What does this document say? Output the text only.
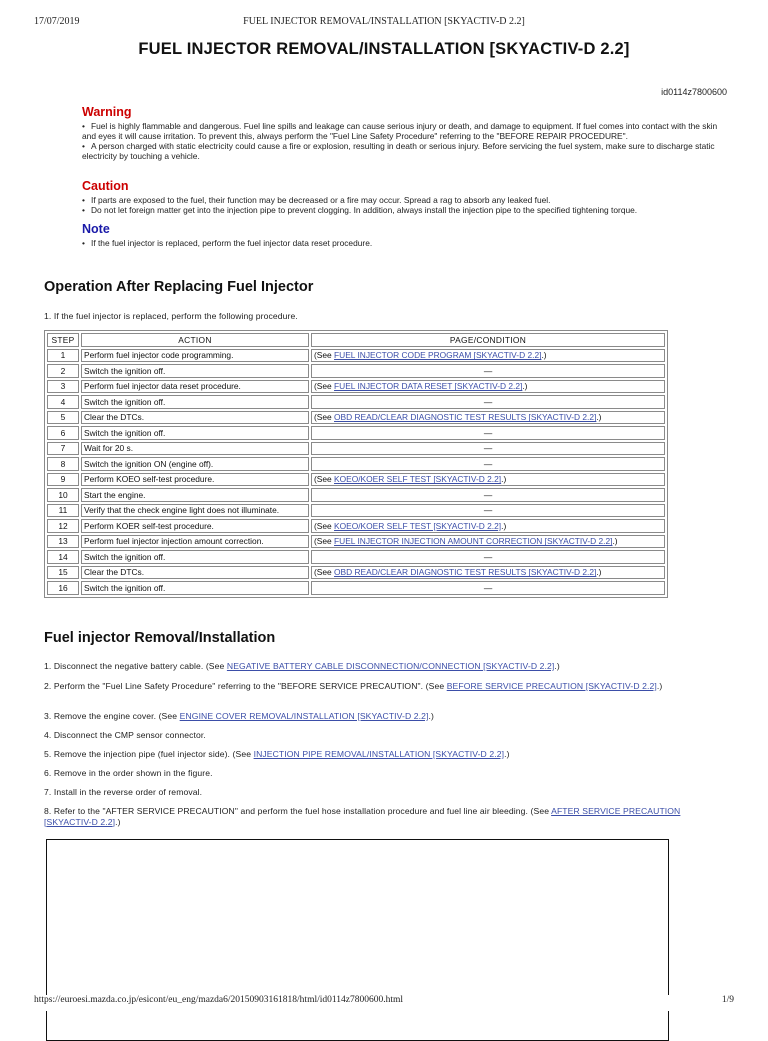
17/07/2019	FUEL INJECTOR REMOVAL/INSTALLATION [SKYACTIV-D 2.2]
FUEL INJECTOR REMOVAL/INSTALLATION [SKYACTIV-D 2.2]
id0114z7800600
Warning
• Fuel is highly flammable and dangerous. Fuel line spills and leakage can cause serious injury or death, and damage to equipment. If fuel comes into contact with the skin and eyes it will cause irritation. To prevent this, always perform the "Fuel Line Safety Procedure" referring to the "BEFORE REPAIR PROCEDURE".
• A person charged with static electricity could cause a fire or explosion, resulting in death or serious injury. Before servicing the fuel system, make sure to discharge static electricity by touching a vehicle.
Caution
• If parts are exposed to the fuel, their function may be decreased or a fire may occur. Spread a rag to absorb any leaked fuel.
• Do not let foreign matter get into the injection pipe to prevent clogging. In addition, always install the injection pipe to the specified tightening torque.
Note
• If the fuel injector is replaced, perform the fuel injector data reset procedure.
Operation After Replacing Fuel Injector
1. If the fuel injector is replaced, perform the following procedure.
STEP	ACTION	PAGE/CONDITION
1	Perform fuel injector code programming.	(See FUEL INJECTOR CODE PROGRAM [SKYACTIV-D 2.2].)
2	Switch the ignition off.	—
3	Perform fuel injector data reset procedure.	(See FUEL INJECTOR DATA RESET [SKYACTIV-D 2.2].)
4	Switch the ignition off.	—
5	Clear the DTCs.	(See OBD READ/CLEAR DIAGNOSTIC TEST RESULTS [SKYACTIV-D 2.2].)
6	Switch the ignition off.	—
7	Wait for 20 s.	—
8	Switch the ignition ON (engine off).	—
9	Perform KOEO self-test procedure.	(See KOEO/KOER SELF TEST [SKYACTIV-D 2.2].)
10	Start the engine.	—
11	Verify that the check engine light does not illuminate.	—
12	Perform KOER self-test procedure.	(See KOEO/KOER SELF TEST [SKYACTIV-D 2.2].)
13	Perform fuel injector injection amount correction.	(See FUEL INJECTOR INJECTION AMOUNT CORRECTION [SKYACTIV-D 2.2].)
14	Switch the ignition off.	—
15	Clear the DTCs.	(See OBD READ/CLEAR DIAGNOSTIC TEST RESULTS [SKYACTIV-D 2.2].)
16	Switch the ignition off.	—
Fuel injector Removal/Installation
1. Disconnect the negative battery cable. (See NEGATIVE BATTERY CABLE DISCONNECTION/CONNECTION [SKYACTIV-D 2.2].)
2. Perform the "Fuel Line Safety Procedure" referring to the "BEFORE SERVICE PRECAUTION". (See BEFORE SERVICE PRECAUTION [SKYACTIV-D 2.2].)
3. Remove the engine cover. (See ENGINE COVER REMOVAL/INSTALLATION [SKYACTIV-D 2.2].)
4. Disconnect the CMP sensor connector.
5. Remove the injection pipe (fuel injector side). (See INJECTION PIPE REMOVAL/INSTALLATION [SKYACTIV-D 2.2].)
6. Remove in the order shown in the figure.
7. Install in the reverse order of removal.
8. Refer to the "AFTER SERVICE PRECAUTION" and perform the fuel hose installation procedure and fuel line air bleeding. (See AFTER SERVICE PRECAUTION [SKYACTIV-D 2.2].)
https://euroesi.mazda.co.jp/esicont/eu_eng/mazda6/20150903161818/html/id0114z7800600.html	1/9
